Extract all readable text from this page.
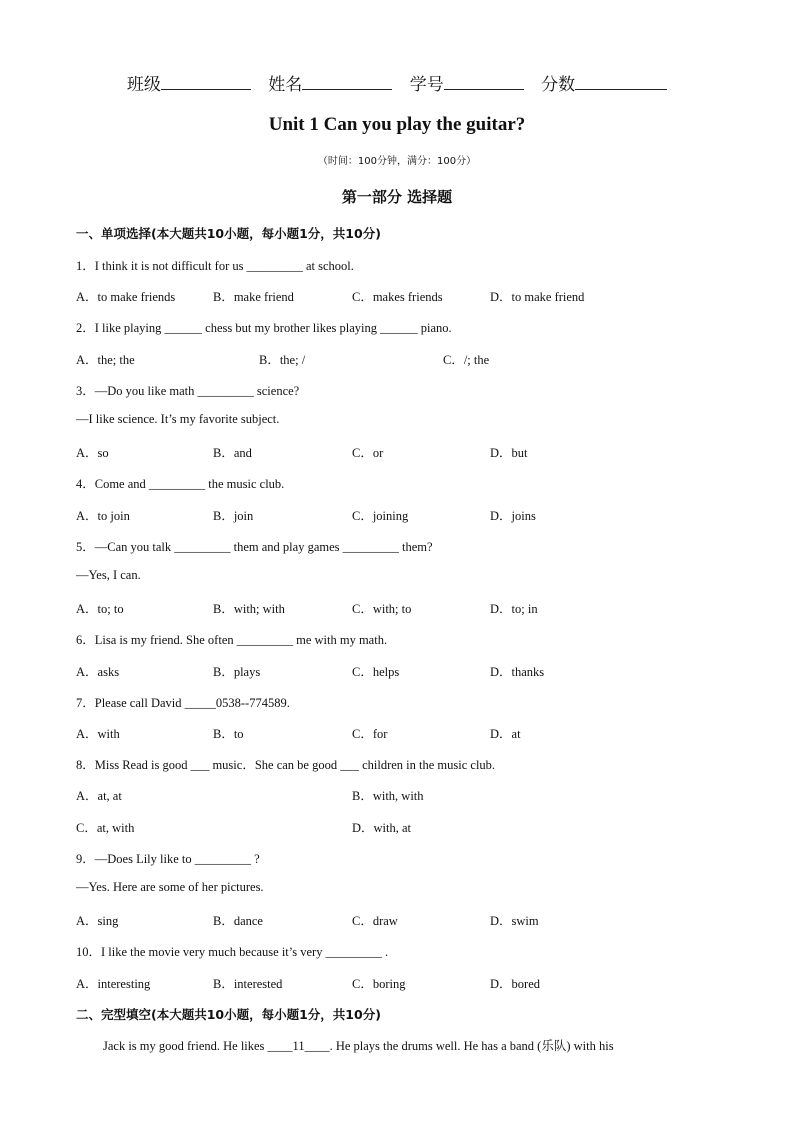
班级	姓名	学号	分数
Unit 1 Can you play the guitar?
（时间：100分钟，满分：100分）
第一部分 选择题
一、单项选择(本大题共10小题，每小题1分，共10分)
1．I think it is not difficult for us _________ at school.
A．to make friends	B．make friend	C．makes friends	D．to make friend
2．I like playing ______ chess but my brother likes playing ______ piano.
A．the; the	B．the; /	C．/; the
3．—Do you like math _________ science?
—I like science. It’s my favorite subject.
A．so	B．and	C．or	D．but
4．Come and _________ the music club.
A．to join	B．join	C．joining	D．joins
5．—Can you talk _________ them and play games _________ them?
—Yes, I can.
A．to; to	B．with; with	C．with; to	D．to; in
6．Lisa is my friend. She often _________ me with my math.
A．asks	B．plays	C．helps	D．thanks
7．Please call David _____0538--774589.
A．with	B．to	C．for	D．at
8．Miss Read is good ___ music．She can be good ___ children in the music club.
A．at, at	B．with, with
C．at, with	D．with, at
9．—Does Lily like to _________ ?
—Yes. Here are some of her pictures.
A．sing	B．dance	C．draw	D．swim
10．I like the movie very much because it’s very _________ .
A．interesting	B．interested	C．boring	D．bored
二、完型填空(本大题共10小题，每小题1分，共10分)
Jack is my good friend. He likes ____11____. He plays the drums well. He has a band (乐队) with his
